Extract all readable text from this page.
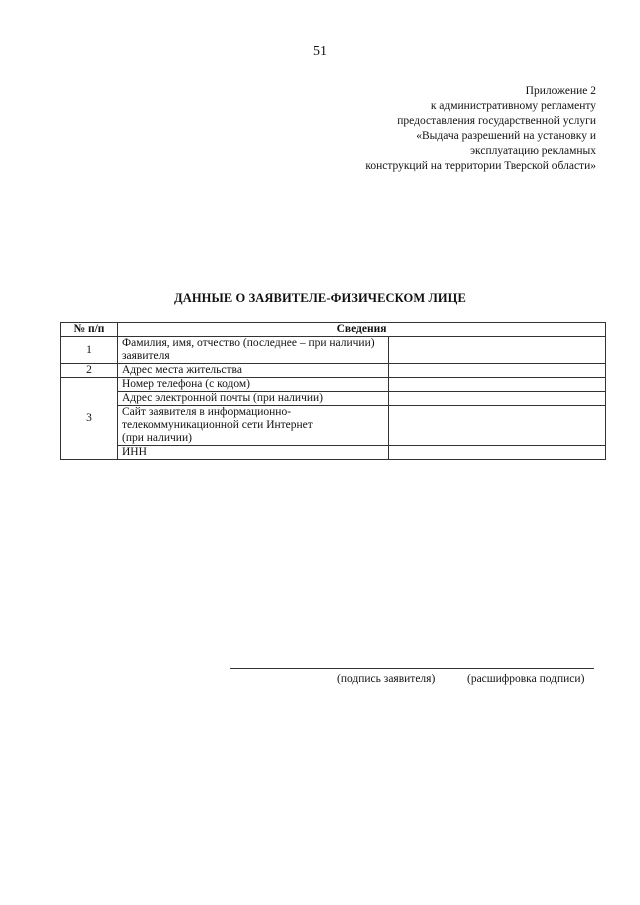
51
Приложение 2
к административному регламенту
предоставления государственной услуги
«Выдача разрешений на установку и
эксплуатацию рекламных
конструкций на территории Тверской области»
ДАННЫЕ О ЗАЯВИТЕЛЕ-ФИЗИЧЕСКОМ ЛИЦЕ
№ п/п	Сведения	
1	Фамилия, имя, отчество (последнее – при наличии) заявителя	
2	Адрес места жительства	
3	Номер телефона (с кодом)	
	Адрес электронной почты (при наличии)	

	Сайт заявителя в информационно-
телекоммуникационной сети Интернет
(при наличии)	

	ИНН	
(подпись заявителя)	(расшифровка подписи)
